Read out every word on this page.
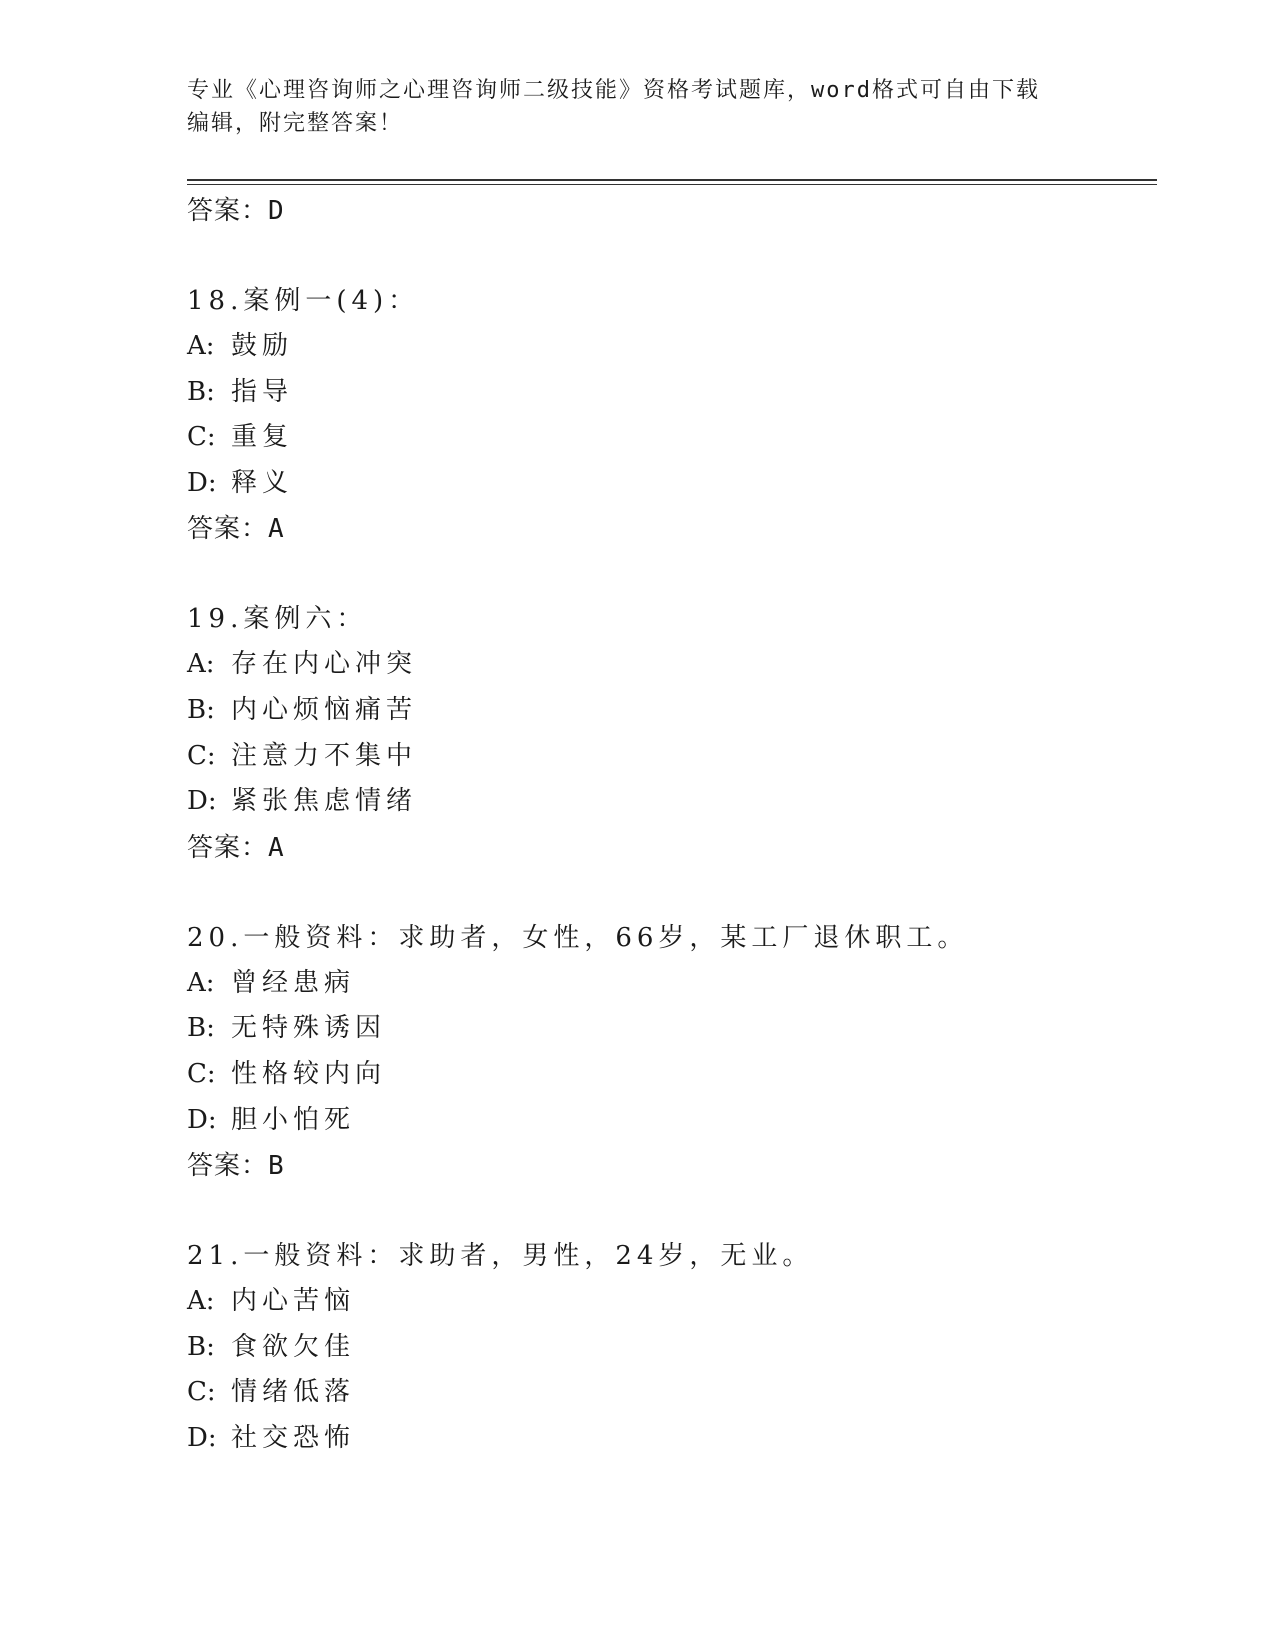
专业《心理咨询师之心理咨询师二级技能》资格考试题库，word格式可自由下载
编辑，附完整答案！
答案：D
18.案例一(4)：
A: 鼓励
B: 指导
C: 重复
D: 释义
答案：A
19.案例六：
A: 存在内心冲突
B: 内心烦恼痛苦
C: 注意力不集中
D: 紧张焦虑情绪
答案：A
20.一般资料：求助者，女性，66岁，某工厂退休职工。
A: 曾经患病
B: 无特殊诱因
C: 性格较内向
D: 胆小怕死
答案：B
21.一般资料：求助者，男性，24岁，无业。
A: 内心苦恼
B: 食欲欠佳
C: 情绪低落
D: 社交恐怖
